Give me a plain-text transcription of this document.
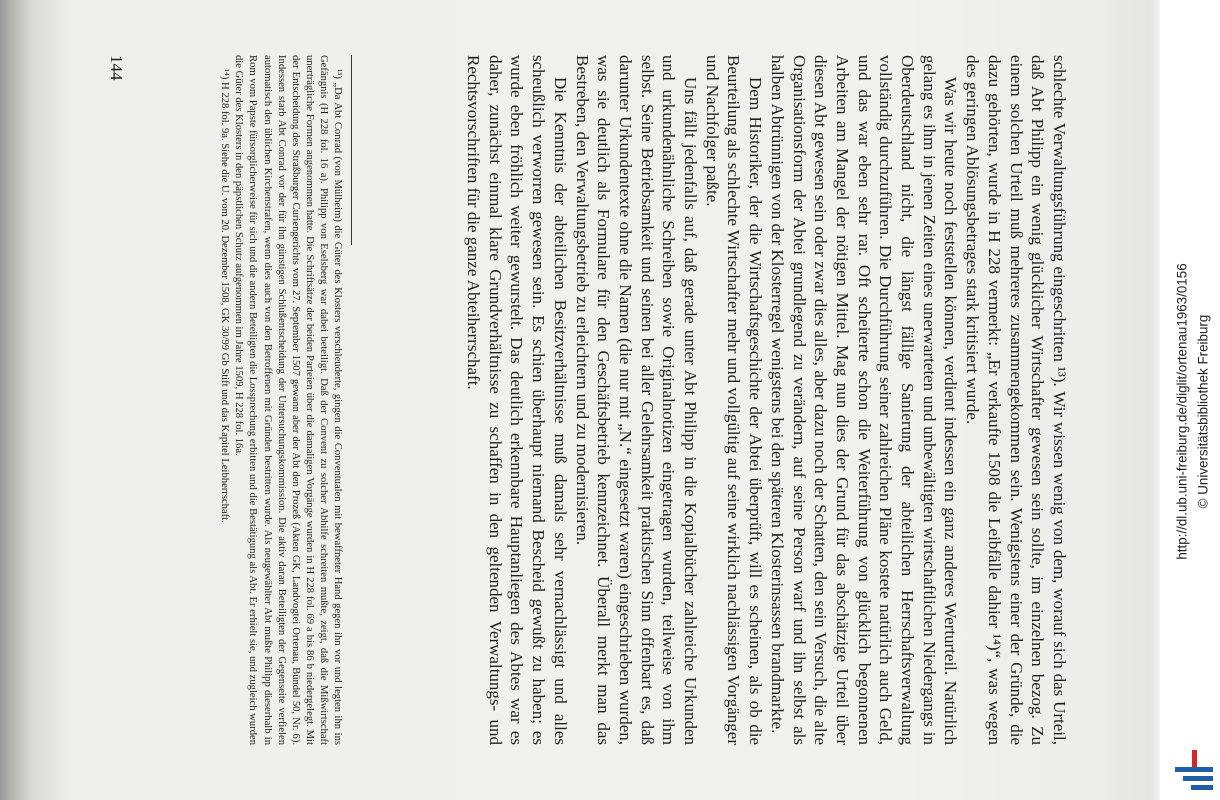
schlechte Verwaltungsführung eingeschritten ¹³). Wir wissen wenig von dem, worauf sich das Urteil, daß Abt Philipp ein wenig glücklicher Wirtschafter gewesen sein sollte, im einzelnen bezog. Zu einem solchen Urteil muß mehreres zusammengekommen sein. Wenigstens einer der Gründe, die dazu gehörten, wurde in H 228 vermerkt: „Er verkaufte 1508 die Leibfälle dahier ¹⁴)“, was wegen des geringen Ablösungsbetrages stark kritisiert wurde.

Was wir heute noch feststellen können, verdient indessen ein ganz anderes Werturteil. Natürlich gelang es ihm in jenen Zeiten eines unerwarteten und unbewältigten wirtschaftlichen Niedergangs in Oberdeutschland nicht, die längst fällige Sanierung der abteilichen Herrschaftsverwaltung vollständig durchzuführen. Die Durchführung seiner zahlreichen Pläne kostete natürlich auch Geld, und das war eben sehr rar. Oft scheiterte schon die Weiterführung von glücklich begonnenen Arbeiten am Mangel der nötigen Mittel. Mag nun dies der Grund für das abschätzige Urteil über diesen Abt gewesen sein oder zwar dies alles, aber dazu noch der Schatten, den sein Versuch, die alte Organisationsform der Abtei grundlegend zu verändern, auf seine Person warf und ihn selbst als halben Abtrünnigen von der Klosterregel wenigstens bei den späteren Klosterinsassen brandmarkte.

Dem Historiker, der die Wirtschaftsgeschichte der Abtei überprüft, will es scheinen, als ob die Beurteilung als schlechte Wirtschafter mehr und vollgültig auf seine wirklich nachlässigen Vorgänger und Nachfolger paßte.

Uns fällt jedenfalls auf, daß gerade unter Abt Philipp in die Kopialbücher zahlreiche Urkunden und urkundenähnliche Schreiben sowie Originalnotizen eingetragen wurden, teilweise von ihm selbst. Seine Betriebsamkeit und seinen bei aller Gelehrsamkeit praktischen Sinn offenbart es, daß darunter Urkundentexte ohne die Namen (die nur mit „N.“ eingesetzt waren) eingeschrieben wurden, was sie deutlich als Formulare für den Geschäftsbetrieb kennzeichnet. Überall merkt man das Bestreben, den Verwaltungsbetrieb zu erleichtern und zu modernisieren.

Die Kenntnis der abteilichen Besitzverhältnisse muß damals sehr vernachlässigt und alles scheußlich verworren gewesen sein. Es schien überhaupt niemand Bescheid gewußt zu haben; es wurde eben fröhlich weiter gewurstelt. Das deutlich erkennbare Hauptanliegen des Abtes war es daher, zunächst einmal klare Grundverhältnisse zu schaffen in den geltenden Verwaltungs- und Rechtsvorschriften für die ganze Abteiherrschaft.

¹³) „Da Abt Conrad (von Mülheim) die Güter des Klosters verschleuderte, gingen die Conventualen mit bewaffneter Hand gegen ihn vor und legten ihn ins Gefängnis (H 228 fol. 16 a). Philipp von Eselsberg war dabei beteiligt. Daß der Convent zu solcher Abhilfe schreiten mußte, zeigt, daß die Mißwirtschaft unerträgliche Formen angenommen hatte. Die Schriftsätze der beiden Parteien über die damaligen Vorgänge wurden in H 228 fol. 69 a bis 86 b niedergelegt. Mit der Entscheidung des Straßburger Curiengerichts vom 27. September 1507 gewann aber der Abt den Prozeß (Akten GK, Landvogtei Ortenau, Bündel 50, Nr. 6). Indessen starb Abt Conrad vor der für ihn günstigen Schlußentscheidung der Untersuchungskommission. Die aktiv daran Beteiligten der Gegenseite verfielen automatisch den üblichen Kirchenstrafen, wenn dies auch von den Betroffenen mit Gründen bestritten wurde. Als neugewählter Abt mußte Philipp dieserhalb in Rom vom Papste fürsorglicherweise für sich und die andern Beteiligten die Lossprechung erbitten und die Bestätigung als Abt. Er erhielt sie, und zugleich wurden die Güter des Klosters in den päpstlichen Schutz aufgenommen im Jahre 1509, H 228 fol. 16a.

¹⁴) H 228 fol. 9a. Siehe die U. vom 20. Dezember 1508, GK 30/99 Gb Stift und das Kapitel Leibherrschaft.

144
http://dl.ub.uni-freiburg.de/diglit/ortenau1963/0156 © Universitätsbibliothek Freiburg
